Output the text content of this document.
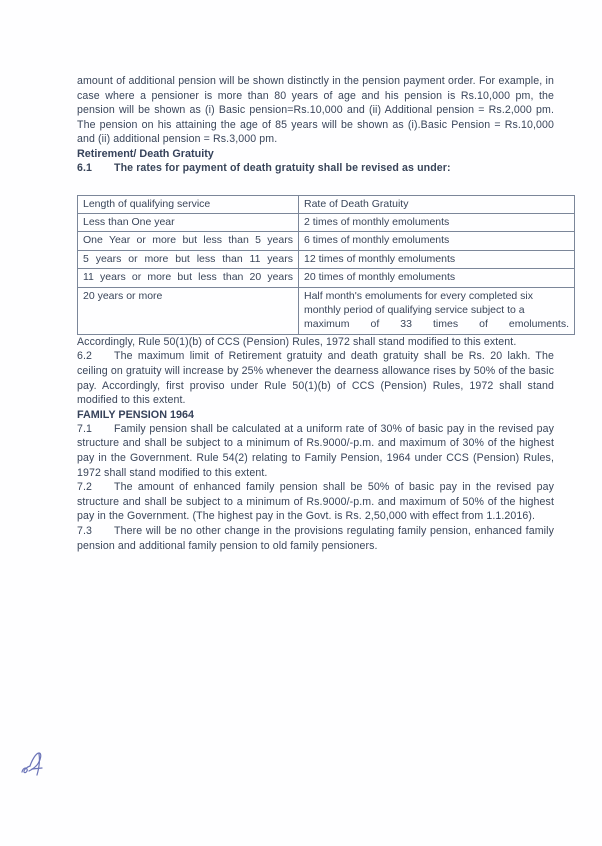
amount of additional pension will be shown distinctly in the pension payment order. For example, in case where a pensioner is more than 80 years of age and his pension is Rs.10,000 pm, the pension will be shown as (i) Basic pension=Rs.10,000 and (ii) Additional pension = Rs.2,000 pm. The pension on his attaining the age of 85 years will be shown as (i).Basic Pension = Rs.10,000 and (ii) additional pension = Rs.3,000 pm.

Retirement/ Death Gratuity

6.1 The rates for payment of death gratuity shall be revised as under:

Length of qualifying service	Rate of Death Gratuity
Less than One year	2 times of monthly emoluments
One Year or more but less than 5 years	6 times of monthly emoluments
5 years or more but less than 11 years	12 times of monthly emoluments
11 years or more but less than 20 years	20 times of monthly emoluments
20 years or more	Half month's emoluments for every completed six monthly period of qualifying service subject to a maximum of 33 times of emoluments.

Accordingly, Rule 50(1)(b) of CCS (Pension) Rules, 1972 shall stand modified to this extent.

6.2 The maximum limit of Retirement gratuity and death gratuity shall be Rs. 20 lakh. The ceiling on gratuity will increase by 25% whenever the dearness allowance rises by 50% of the basic pay. Accordingly, first proviso under Rule 50(1)(b) of CCS (Pension) Rules, 1972 shall stand modified to this extent.

FAMILY PENSION 1964

7.1 Family pension shall be calculated at a uniform rate of 30% of basic pay in the revised pay structure and shall be subject to a minimum of Rs.9000/-p.m. and maximum of 30% of the highest pay in the Government. Rule 54(2) relating to Family Pension, 1964 under CCS (Pension) Rules, 1972 shall stand modified to this extent.

7.2 The amount of enhanced family pension shall be 50% of basic pay in the revised pay structure and shall be subject to a minimum of Rs.9000/-p.m. and maximum of 50% of the highest pay in the Government. (The highest pay in the Govt. is Rs. 2,50,000 with effect from 1.1.2016).

7.3 There will be no other change in the provisions regulating family pension, enhanced family pension and additional family pension to old family pensioners.
